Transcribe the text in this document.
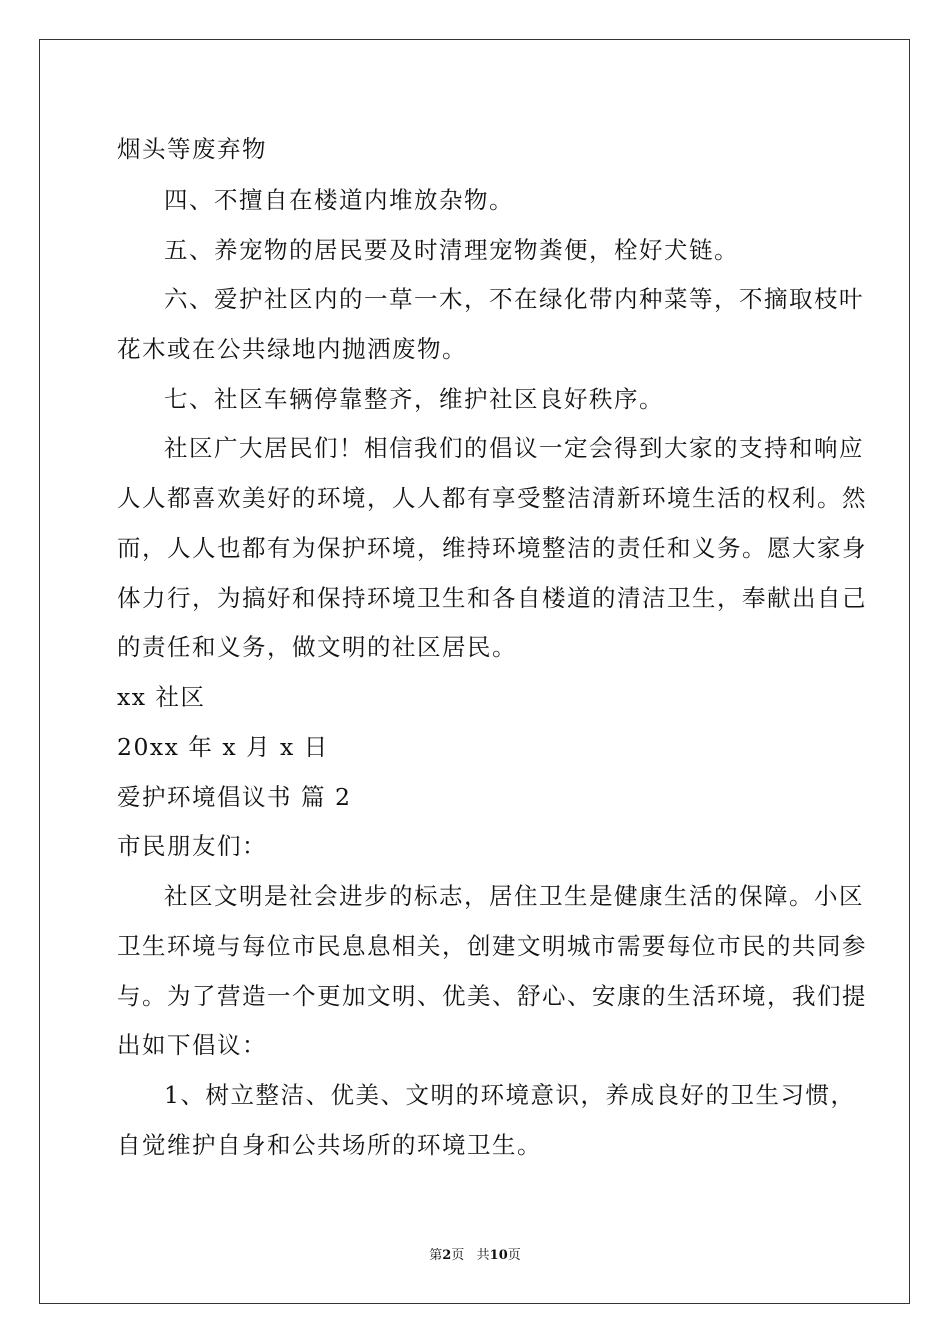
烟头等废弃物
四、不擅自在楼道内堆放杂物。
五、养宠物的居民要及时清理宠物粪便，栓好犬链。
六、爱护社区内的一草一木，不在绿化带内种菜等，不摘取枝叶
花木或在公共绿地内抛洒废物。
七、社区车辆停靠整齐，维护社区良好秩序。
社区广大居民们！相信我们的倡议一定会得到大家的支持和响应
人人都喜欢美好的环境，人人都有享受整洁清新环境生活的权利。然
而，人人也都有为保护环境，维持环境整洁的责任和义务。愿大家身
体力行，为搞好和保持环境卫生和各自楼道的清洁卫生，奉献出自己
的责任和义务，做文明的社区居民。
xx 社区
20xx 年 x 月 x 日
爱护环境倡议书 篇 2
市民朋友们：
社区文明是社会进步的标志，居住卫生是健康生活的保障。小区
卫生环境与每位市民息息相关，创建文明城市需要每位市民的共同参
与。为了营造一个更加文明、优美、舒心、安康的生活环境，我们提
出如下倡议：
1、树立整洁、优美、文明的环境意识，养成良好的卫生习惯，
自觉维护自身和公共场所的环境卫生。
第2页   共10页
